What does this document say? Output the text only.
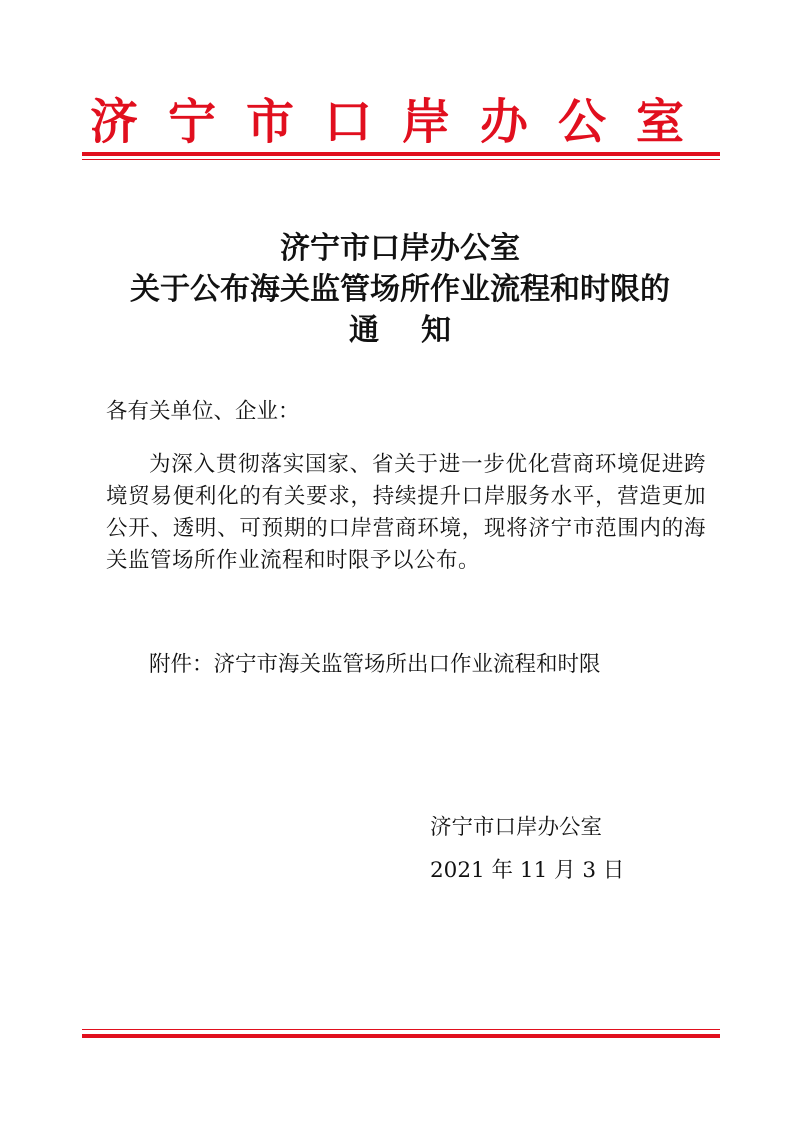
济宁市口岸办公室
济宁市口岸办公室
关于公布海关监管场所作业流程和时限的
通知
各有关单位、企业：
为深入贯彻落实国家、省关于进一步优化营商环境促进跨境贸易便利化的有关要求，持续提升口岸服务水平，营造更加公开、透明、可预期的口岸营商环境，现将济宁市范围内的海关监管场所作业流程和时限予以公布。
附件：济宁市海关监管场所出口作业流程和时限
济宁市口岸办公室
2021 年 11 月 3 日
